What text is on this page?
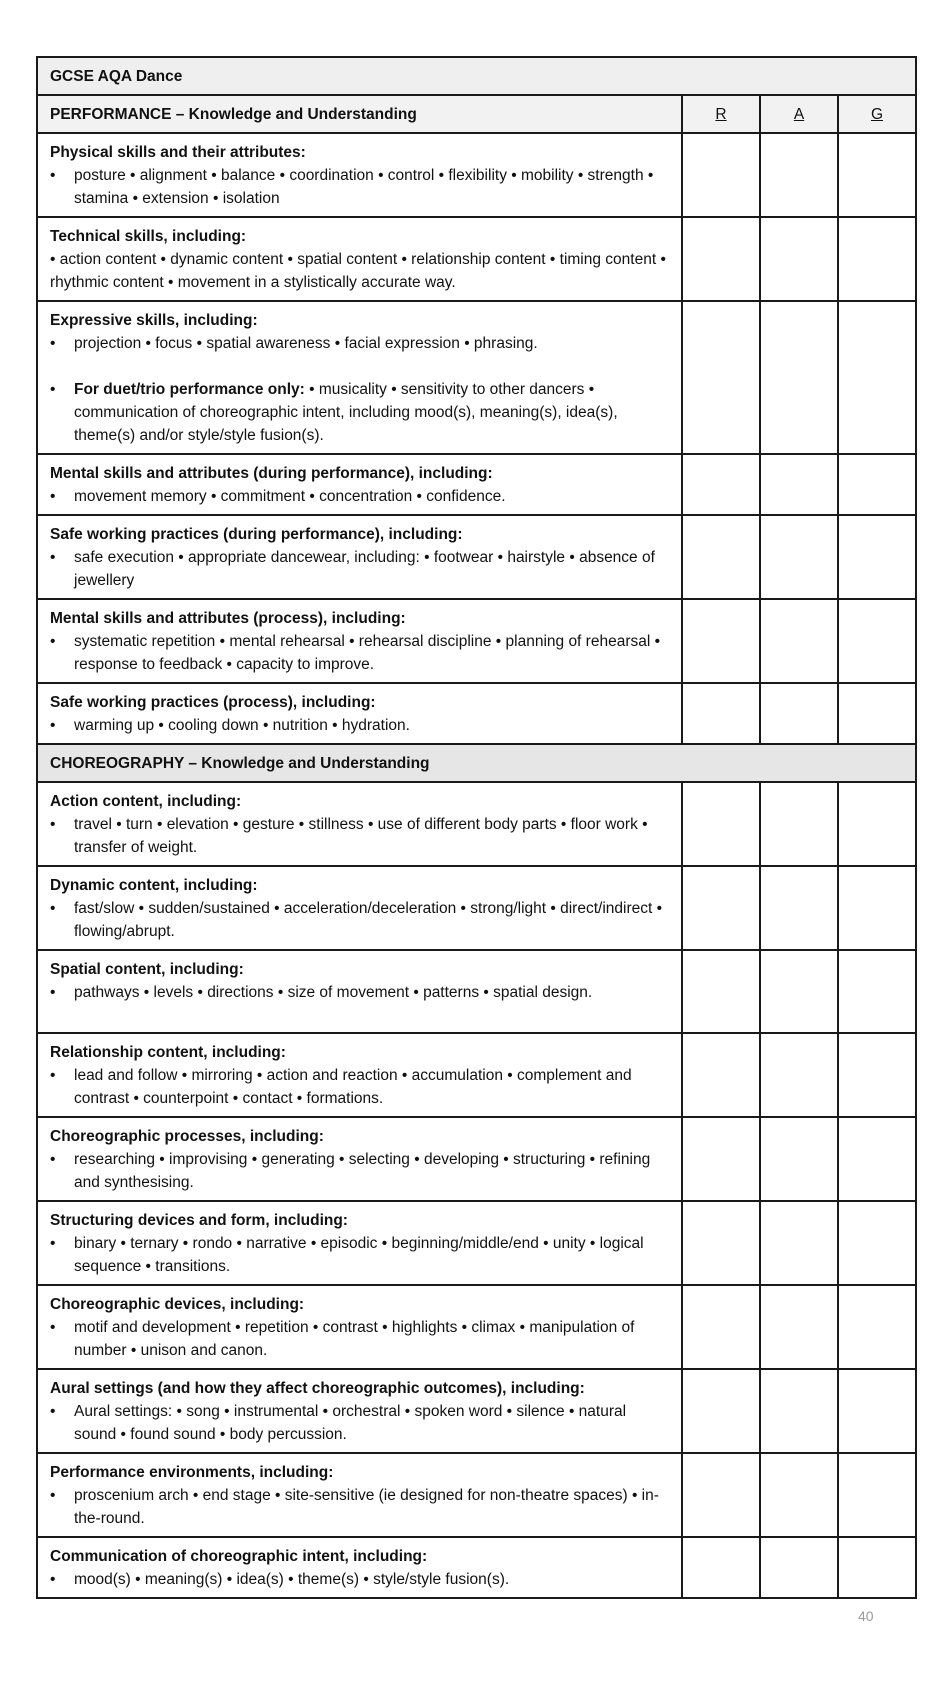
GCSE AQA Dance			
PERFORMANCE – Knowledge and Understanding	R	A	G

Physical skills and their attributes:
• posture • alignment • balance • coordination • control • flexibility • mobility • strength • stamina • extension • isolation			

Technical skills, including:
• action content • dynamic content • spatial content • relationship content • timing content • rhythmic content • movement in a stylistically accurate way.			

Expressive skills, including:
• projection • focus • spatial awareness • facial expression • phrasing.
• For duet/trio performance only: • musicality • sensitivity to other dancers • communication of choreographic intent, including mood(s), meaning(s), idea(s), theme(s) and/or style/style fusion(s).			

Mental skills and attributes (during performance), including:
• movement memory • commitment • concentration • confidence.			

Safe working practices (during performance), including:
• safe execution • appropriate dancewear, including: • footwear • hairstyle • absence of jewellery			

Mental skills and attributes (process), including:
• systematic repetition • mental rehearsal • rehearsal discipline • planning of rehearsal • response to feedback • capacity to improve.			

Safe working practices (process), including:
• warming up • cooling down • nutrition • hydration.			

CHOREOGRAPHY – Knowledge and Understanding			

Action content, including:
• travel • turn • elevation • gesture • stillness • use of different body parts • floor work • transfer of weight.			

Dynamic content, including:
• fast/slow • sudden/sustained • acceleration/deceleration • strong/light • direct/indirect • flowing/abrupt.			

Spatial content, including:
• pathways • levels • directions • size of movement • patterns • spatial design.			

Relationship content, including:
• lead and follow • mirroring • action and reaction • accumulation • complement and contrast • counterpoint • contact • formations.			

Choreographic processes, including:
• researching • improvising • generating • selecting • developing • structuring • refining and synthesising.			

Structuring devices and form, including:
• binary • ternary • rondo • narrative • episodic • beginning/middle/end • unity • logical sequence • transitions.			

Choreographic devices, including:
• motif and development • repetition • contrast • highlights • climax • manipulation of number • unison and canon.			

Aural settings (and how they affect choreographic outcomes), including:
• Aural settings: • song • instrumental • orchestral • spoken word • silence • natural sound • found sound • body percussion.			

Performance environments, including:
• proscenium arch • end stage • site-sensitive (ie designed for non-theatre spaces) • in-the-round.			

Communication of choreographic intent, including:
• mood(s) • meaning(s) • idea(s) • theme(s) • style/style fusion(s).			

40
